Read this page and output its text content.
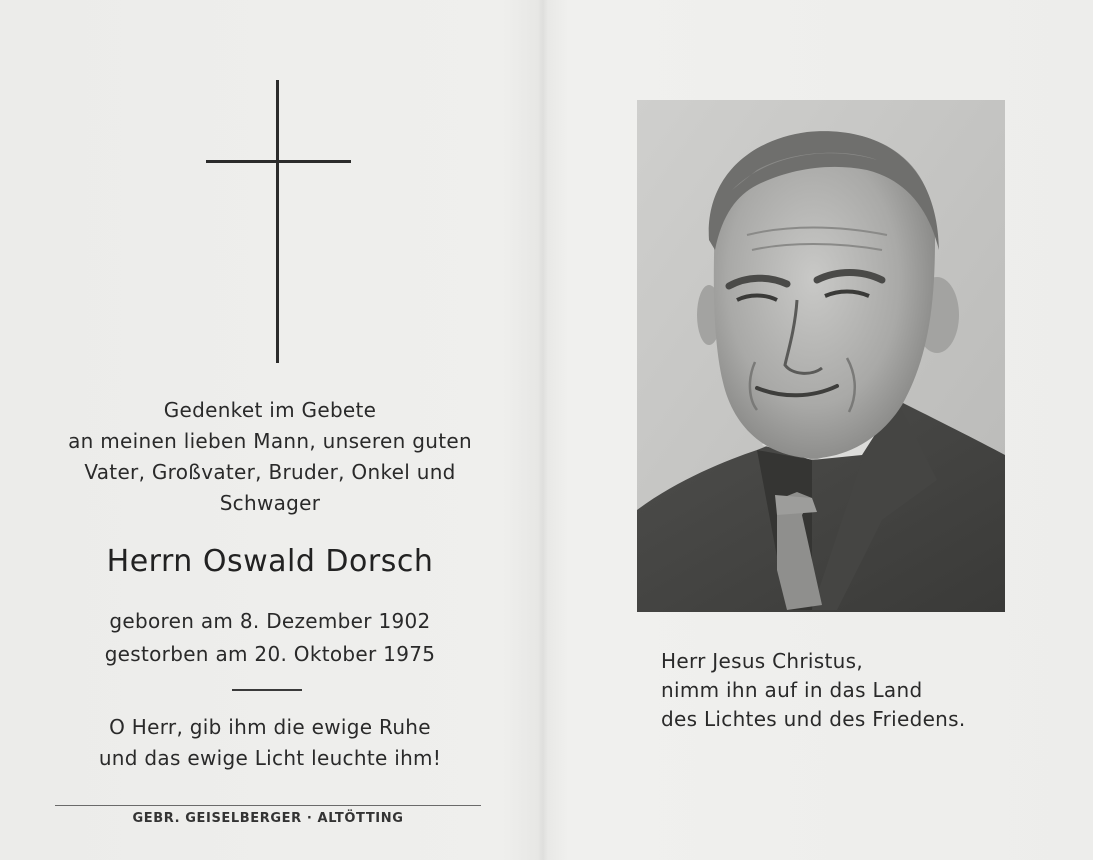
Gedenket im Gebete
an meinen lieben Mann, unseren guten
Vater, Großvater, Bruder, Onkel und
Schwager
Herrn Oswald Dorsch
geboren am 8. Dezember 1902
gestorben am 20. Oktober 1975
O Herr, gib ihm die ewige Ruhe
und das ewige Licht leuchte ihm!
GEBR. GEISELBERGER · ALTÖTTING
Herr Jesus Christus,
nimm ihn auf in das Land
des Lichtes und des Friedens.
